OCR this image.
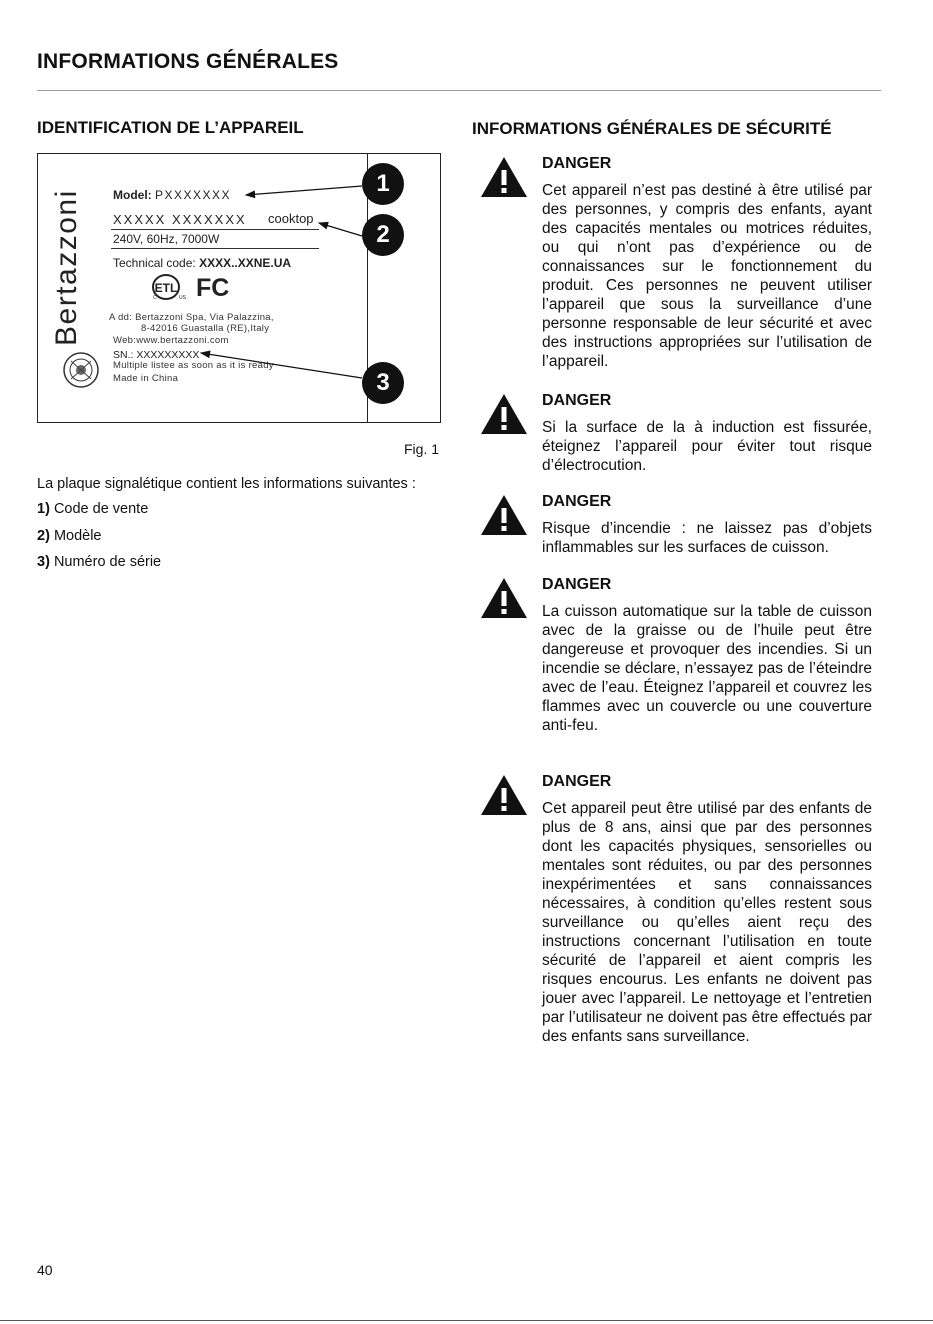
INFORMATIONS GÉNÉRALES
IDENTIFICATION DE L’APPAREIL
Bertazzoni	Model: PXXXXXXX
XXXXX XXXXXXX cooktop
240V, 60Hz, 7000W
Technical code: XXXX..XXNE.UA
ETL
C	US FC
A dd: Bertazzoni Spa, Via Palazzina,
8-42016 Guastalla (RE),Italy
Web:www.bertazzoni.com
SN.: XXXXXXXXX
Multiple listee as soon as it is ready
Made in China
1
2
3
Fig. 1
La plaque signalétique contient les informations suivantes :
1) Code de vente
2) Modèle
3) Numéro de série
INFORMATIONS GÉNÉRALES DE SÉCURITÉ
DANGER
Cet appareil n’est pas destiné à être utilisé par des personnes, y compris des enfants, ayant des capacités mentales ou motrices réduites, ou qui n’ont pas d’expérience ou de connaissances sur le fonctionnement du produit. Ces personnes ne peuvent utiliser l’appareil que sous la surveillance d’une personne responsable de leur sécurité et avec des instructions appropriées sur l’utilisation de l’appareil.
DANGER
Si la surface de la à induction est fissurée, éteignez l’appareil pour éviter tout risque d’électrocution.
DANGER
Risque d’incendie : ne laissez pas d’objets inflammables sur les surfaces de cuisson.
DANGER
La cuisson automatique sur la table de cuisson avec de la graisse ou de l’huile peut être dangereuse et provoquer des incendies. Si un incendie se déclare, n’essayez pas de l’éteindre avec de l’eau. Éteignez l’appareil et couvrez les flammes avec un couvercle ou une couverture anti-feu.
DANGER
Cet appareil peut être utilisé par des enfants de plus de 8 ans, ainsi que par des personnes dont les capacités physiques, sensorielles ou mentales sont réduites, ou par des personnes inexpérimentées et sans connaissances nécessaires, à condition qu’elles restent sous surveillance ou qu’elles aient reçu des instructions concernant l’utilisation en toute sécurité de l’appareil et aient compris les risques encourus. Les enfants ne doivent pas jouer avec l’appareil. Le nettoyage et l’entretien par l’utilisateur ne doivent pas être effectués par des enfants sans surveillance.
40
